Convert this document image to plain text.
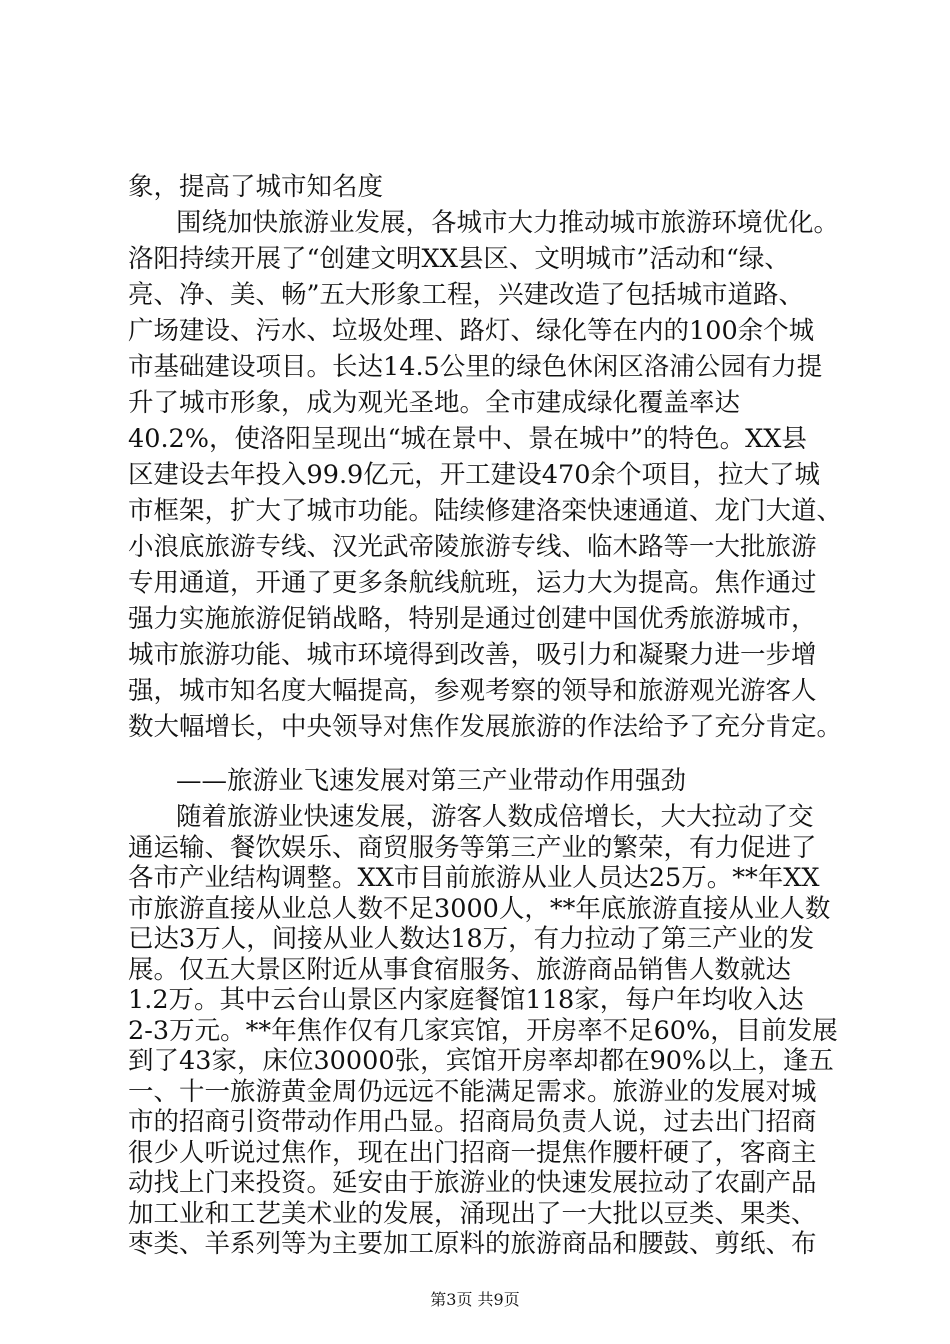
象，提高了城市知名度
围绕加快旅游业发展，各城市大力推动城市旅游环境优化。
洛阳持续开展了“创建文明XX县区、文明城市”活动和“绿、
亮、净、美、畅”五大形象工程，兴建改造了包括城市道路、
广场建设、污水、垃圾处理、路灯、绿化等在内的100余个城
市基础建设项目。长达14.5公里的绿色休闲区洛浦公园有力提
升了城市形象，成为观光圣地。全市建成绿化覆盖率达
40.2%，使洛阳呈现出“城在景中、景在城中”的特色。XX县
区建设去年投入99.9亿元，开工建设470余个项目，拉大了城
市框架，扩大了城市功能。陆续修建洛栾快速通道、龙门大道、
小浪底旅游专线、汉光武帝陵旅游专线、临木路等一大批旅游
专用通道，开通了更多条航线航班，运力大为提高。焦作通过
强力实施旅游促销战略，特别是通过创建中国优秀旅游城市，
城市旅游功能、城市环境得到改善，吸引力和凝聚力进一步增
强，城市知名度大幅提高，参观考察的领导和旅游观光游客人
数大幅增长，中央领导对焦作发展旅游的作法给予了充分肯定。
——旅游业飞速发展对第三产业带动作用强劲
随着旅游业快速发展，游客人数成倍增长，大大拉动了交
通运输、餐饮娱乐、商贸服务等第三产业的繁荣，有力促进了
各市产业结构调整。XX市目前旅游从业人员达25万。**年XX
市旅游直接从业总人数不足3000人，**年底旅游直接从业人数
已达3万人，间接从业人数达18万，有力拉动了第三产业的发
展。仅五大景区附近从事食宿服务、旅游商品销售人数就达
1.2万。其中云台山景区内家庭餐馆118家，每户年均收入达
2-3万元。**年焦作仅有几家宾馆，开房率不足60%，目前发展
到了43家，床位30000张，宾馆开房率却都在90%以上，逢五
一、十一旅游黄金周仍远远不能满足需求。旅游业的发展对城
市的招商引资带动作用凸显。招商局负责人说，过去出门招商
很少人听说过焦作，现在出门招商一提焦作腰杆硬了，客商主
动找上门来投资。延安由于旅游业的快速发展拉动了农副产品
加工业和工艺美术业的发展，涌现出了一大批以豆类、果类、
枣类、羊系列等为主要加工原料的旅游商品和腰鼓、剪纸、布
第3页 共9页
